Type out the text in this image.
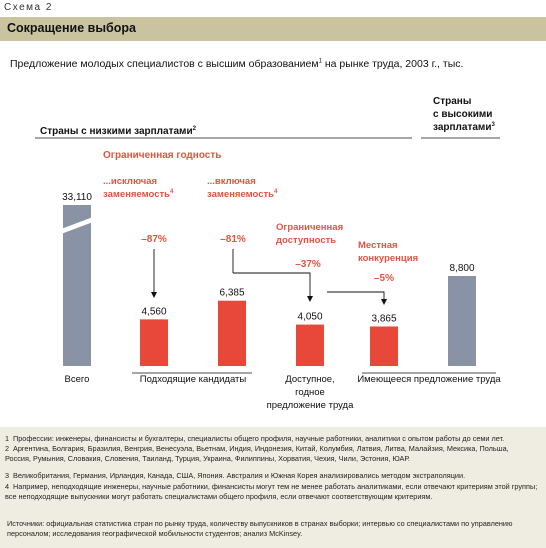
Схема 2
Сокращение выбора
Предложение молодых специалистов с высшим образованием$^1$ на рынке труда, 2003 г., тыс.
Страны с низкими зарплатами$^2$
Страны
с высокими
зарплатами$^3$
Ограниченная годность
...исключая
заменяемость$^4$
...включая
заменяемость$^4$
–87%	–81%
Ограниченная
доступность
–37%
Местная
конкуренция
–5%
33,110
4,560
6,385
4,050	3,865
8,800
Всего	Подходящие кандидаты	Доступное,
годное
предложение труда
Имеющееся предложение труда
1 Профессии: инженеры, финансисты и бухгалтеры, специалисты общего профиля, научные работники, аналитики с опытом работы до семи лет.
2 Аргентина, Болгария, Бразилия, Венгрия, Венесуэла, Вьетнам, Индия, Индонезия, Китай, Колумбия, Латвия, Литва, Малайзия, Мексика, Польша,
Россия, Румыния, Словакия, Словения, Таиланд, Турция, Украина, Филиппины, Хорватия, Чехия, Чили, Эстония, ЮАР.
3 Великобритания, Германия, Ирландия, Канада, США, Япония. Австралия и Южная Корея анализировались методом экстраполяции.
4 Например, неподходящие инженеры, научные работники, финансисты могут тем не менее работать аналитиками, если отвечают критериям этой группы;
все неподходящие выпускники могут работать специалистами общего профиля, если отвечают соответствующим критериям.
Источники: официальная статистика стран по рынку труда, количеству выпускников в странах выборки; интервью со специалистами по управлению персоналом; исследования географической мобильности студентов; анализ McKinsey.
